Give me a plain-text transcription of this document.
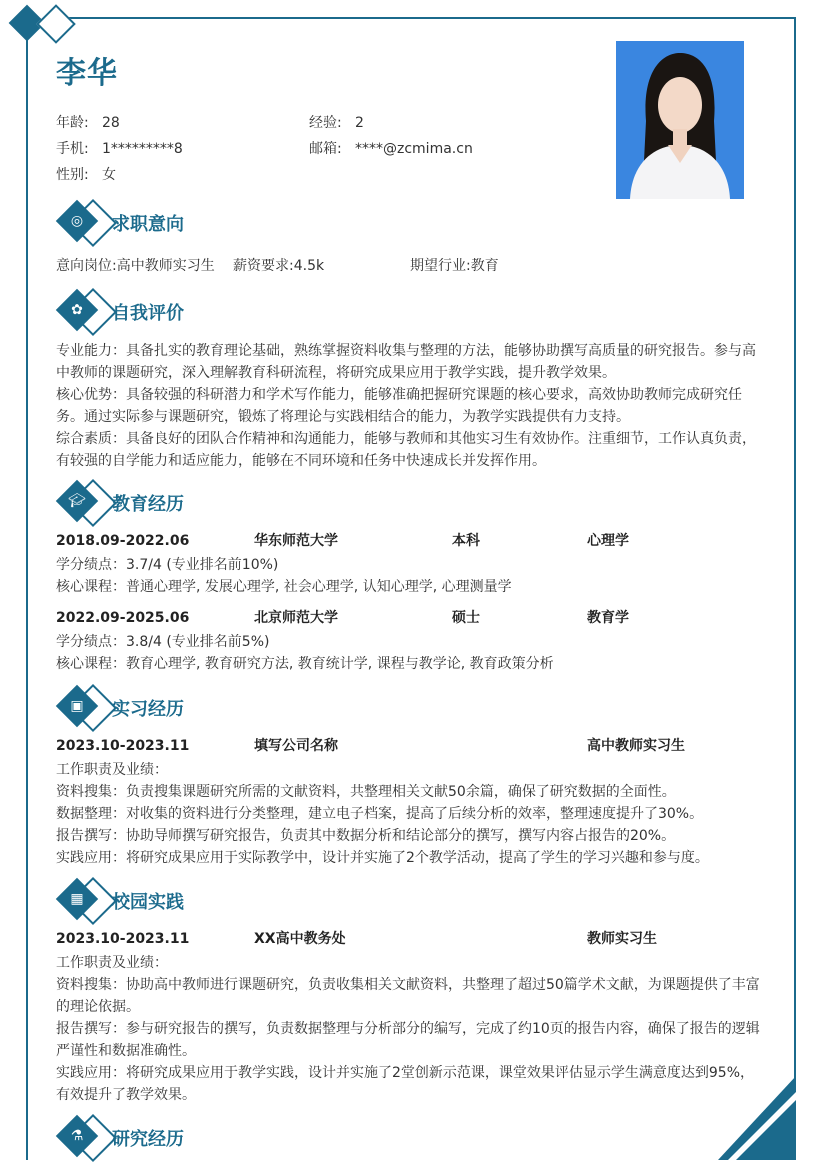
李华
年龄: 28	经验: 2
手机: 1*********8	邮箱: ****@zcmima.cn
性别: 女
◎	求职意向
意向岗位:高中教师实习生 薪资要求:4.5k	期望行业:教育
✿	自我评价
专业能力：具备扎实的教育理论基础，熟练掌握资料收集与整理的方法，能够协助撰写高质量的研究报告。参与高中教师的课题研究，深入理解教育科研流程，将研究成果应用于教学实践，提升教学效果。
核心优势：具备较强的科研潜力和学术写作能力，能够准确把握研究课题的核心要求，高效协助教师完成研究任务。通过实际参与课题研究，锻炼了将理论与实践相结合的能力，为教学实践提供有力支持。
综合素质：具备良好的团队合作精神和沟通能力，能够与教师和其他实习生有效协作。注重细节，工作认真负责，有较强的自学能力和适应能力，能够在不同环境和任务中快速成长并发挥作用。
🎓︎	教育经历
2018.09-2022.06	华东师范大学	本科	心理学
学分绩点：3.7/4 (专业排名前10%)
核心课程：普通心理学, 发展心理学, 社会心理学, 认知心理学, 心理测量学
2022.09-2025.06	北京师范大学	硕士	教育学
学分绩点：3.8/4 (专业排名前5%)
核心课程：教育心理学, 教育研究方法, 教育统计学, 课程与教学论, 教育政策分析
▣	实习经历
2023.10-2023.11	填写公司名称	高中教师实习生
工作职责及业绩：
资料搜集：负责搜集课题研究所需的文献资料，共整理相关文献50余篇，确保了研究数据的全面性。
数据整理：对收集的资料进行分类整理，建立电子档案，提高了后续分析的效率，整理速度提升了30%。
报告撰写：协助导师撰写研究报告，负责其中数据分析和结论部分的撰写，撰写内容占报告的20%。
实践应用：将研究成果应用于实际教学中，设计并实施了2个教学活动，提高了学生的学习兴趣和参与度。
▦	校园实践
2023.10-2023.11	XX高中教务处	教师实习生
工作职责及业绩：
资料搜集：协助高中教师进行课题研究，负责收集相关文献资料，共整理了超过50篇学术文献，为课题提供了丰富的理论依据。
报告撰写：参与研究报告的撰写，负责数据整理与分析部分的编写，完成了约10页的报告内容，确保了报告的逻辑严谨性和数据准确性。
实践应用：将研究成果应用于教学实践，设计并实施了2堂创新示范课，课堂效果评估显示学生满意度达到95%，有效提升了教学效果。
⚗	研究经历
